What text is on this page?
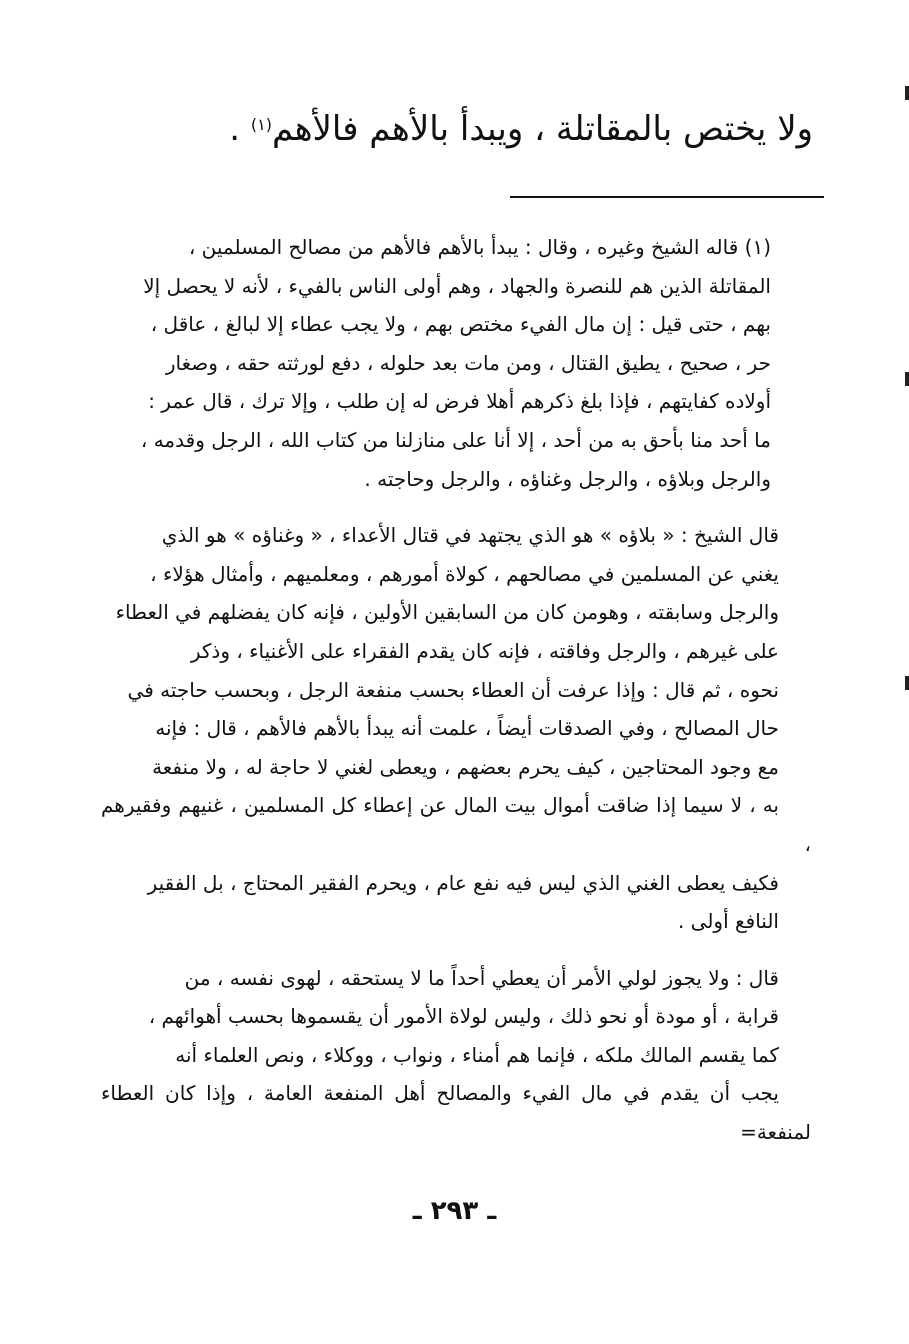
ولا يختص بالمقاتلة ، ويبدأ بالأهم فالأهم$^{(١)}$ .

(١) قاله الشيخ وغيره ، وقال : يبدأ بالأهم فالأهم من مصالح المسلمين ،
المقاتلة الذين هم للنصرة والجهاد ، وهم أولى الناس بالفيء ، لأنه لا يحصل إلا
بهم ، حتى قيل : إن مال الفيء مختص بهم ، ولا يجب عطاء إلا لبالغ ، عاقل ،
حر ، صحيح ، يطيق القتال ، ومن مات بعد حلوله ، دفع لورثته حقه ، وصغار
أولاده كفايتهم ، فإذا بلغ ذكرهم أهلا فرض له إن طلب ، وإلا ترك ، قال عمر :
ما أحد منا بأحق به من أحد ، إلا أنا على منازلنا من كتاب الله ، الرجل وقدمه ،
والرجل وبلاؤه ، والرجل وغناؤه ، والرجل وحاجته .

قال الشيخ : « بلاؤه » هو الذي يجتهد في قتال الأعداء ، « وغناؤه » هو الذي
يغني عن المسلمين في مصالحهم ، كولاة أمورهم ، ومعلميهم ، وأمثال هؤلاء ،
والرجل وسابقته ، وهومن كان من السابقين الأولين ، فإنه كان يفضلهم في العطاء
على غيرهم ، والرجل وفاقته ، فإنه كان يقدم الفقراء على الأغنياء ، وذكر
نحوه ، ثم قال : وإذا عرفت أن العطاء بحسب منفعة الرجل ، وبحسب حاجته في
حال المصالح ، وفي الصدقات أيضاً ، علمت أنه يبدأ بالأهم فالأهم ، قال : فإنه
مع وجود المحتاجين ، كيف يحرم بعضهم ، ويعطى لغني لا حاجة له ، ولا منفعة
به ، لا سيما إذا ضاقت أموال بيت المال عن إعطاء كل المسلمين ، غنيهم وفقيرهم ،
فكيف يعطى الغني الذي ليس فيه نفع عام ، ويحرم الفقير المحتاج ، بل الفقير
النافع أولى .

قال : ولا يجوز لولي الأمر أن يعطي أحداً ما لا يستحقه ، لهوى نفسه ، من
قرابة ، أو مودة أو نحو ذلك ، وليس لولاة الأمور أن يقسموها بحسب أهوائهم ،
كما يقسم المالك ملكه ، فإنما هم أمناء ، ونواب ، ووكلاء ، ونص العلماء أنه
يجب أن يقدم في مال الفيء والمصالح أهل المنفعة العامة ، وإذا كان العطاء لمنفعة=

ـ ٢٩٣ ـ
